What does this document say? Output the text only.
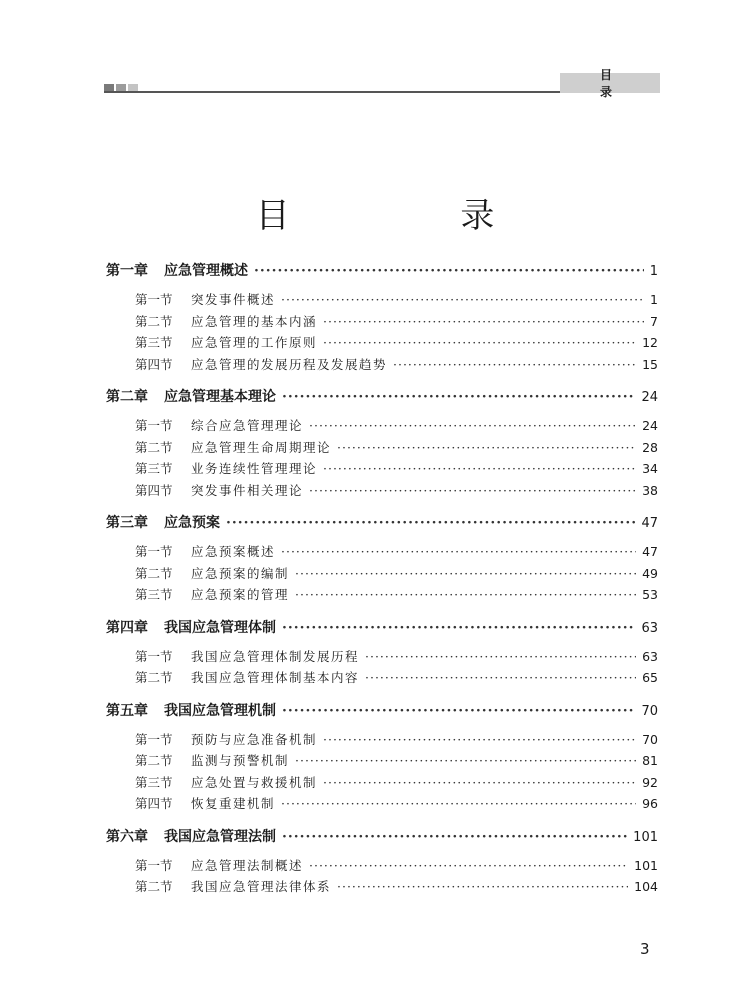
目 录
目 录
第一章	应急管理概述 ·····	1
第一节	突发事件概述 ·····	1
第二节	应急管理的基本内涵 ·····	7
第三节	应急管理的工作原则 ·····	12
第四节	应急管理的发展历程及发展趋势 ·····	15
第二章	应急管理基本理论 ·····	24
第一节	综合应急管理理论 ·····	24
第二节	应急管理生命周期理论 ·····	28
第三节	业务连续性管理理论 ·····	34
第四节	突发事件相关理论 ·····	38
第三章	应急预案 ·····	47
第一节	应急预案概述 ·····	47
第二节	应急预案的编制 ·····	49
第三节	应急预案的管理 ·····	53
第四章	我国应急管理体制 ·····	63
第一节	我国应急管理体制发展历程 ·····	63
第二节	我国应急管理体制基本内容 ·····	65
第五章	我国应急管理机制 ·····	70
第一节	预防与应急准备机制 ·····	70
第二节	监测与预警机制 ·····	81
第三节	应急处置与救援机制 ·····	92
第四节	恢复重建机制 ·····	96
第六章	我国应急管理法制 ·····	101
第一节	应急管理法制概述 ·····	101
第二节	我国应急管理法律体系 ·····	104
3
